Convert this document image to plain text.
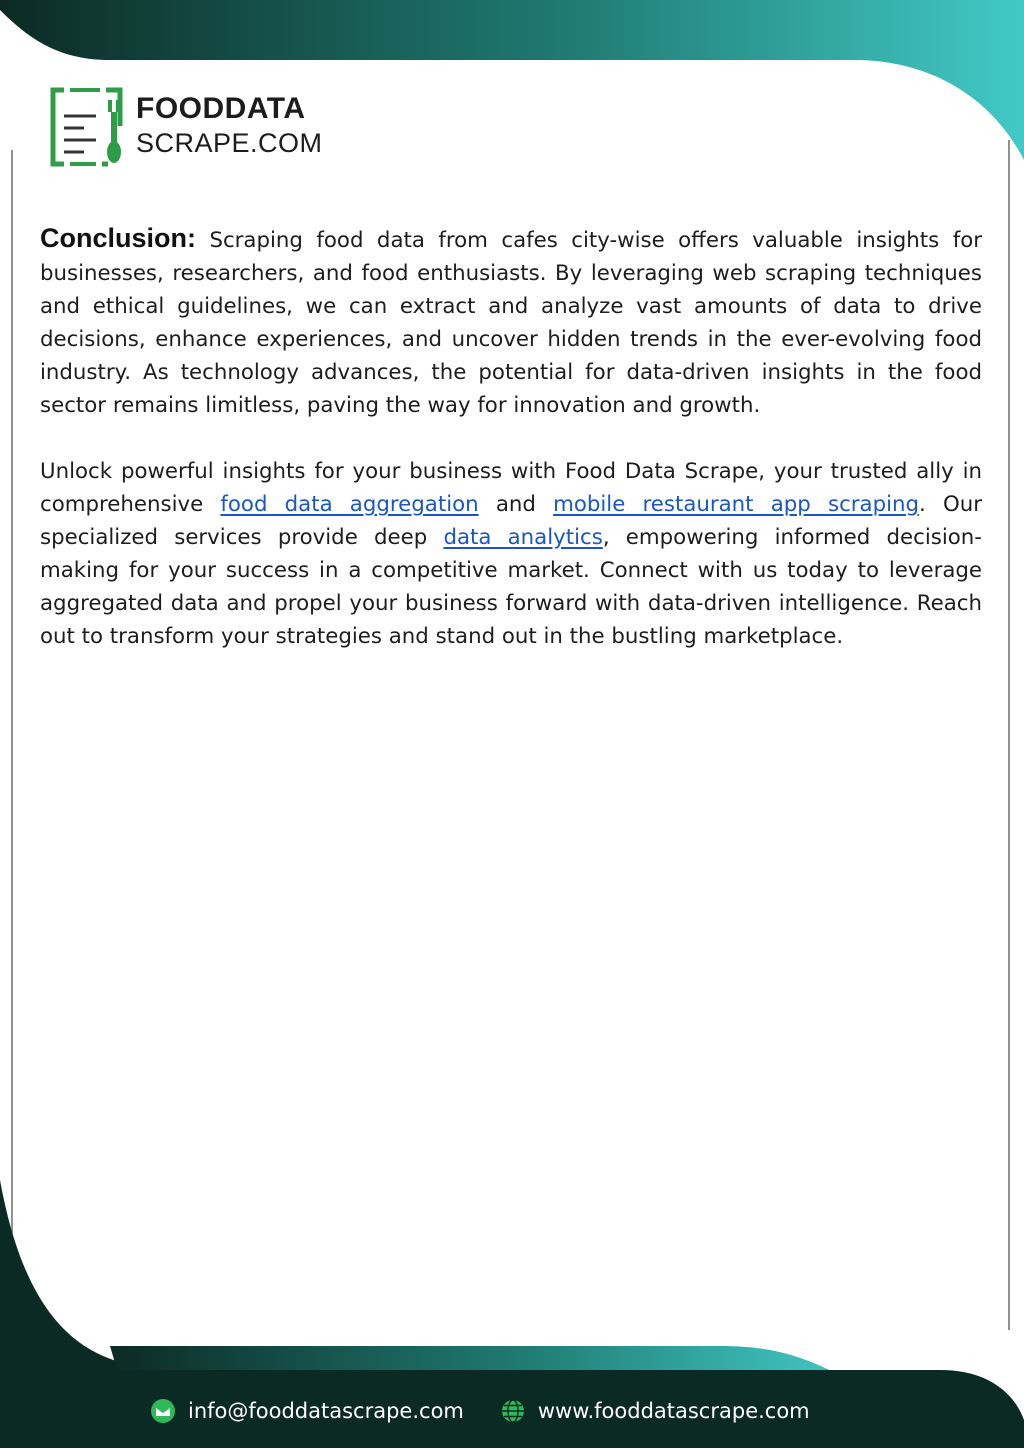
FOODDATA
SCRAPE.COM

Conclusion: Scraping food data from cafes city-wise offers valuable insights for businesses, researchers, and food enthusiasts. By leveraging web scraping techniques and ethical guidelines, we can extract and analyze vast amounts of data to drive decisions, enhance experiences, and uncover hidden trends in the ever-evolving food industry. As technology advances, the potential for data-driven insights in the food sector remains limitless, paving the way for innovation and growth.

Unlock powerful insights for your business with Food Data Scrape, your trusted ally in comprehensive food data aggregation and mobile restaurant app scraping. Our specialized services provide deep data analytics, empowering informed decision-making for your success in a competitive market. Connect with us today to leverage aggregated data and propel your business forward with data-driven intelligence. Reach out to transform your strategies and stand out in the bustling marketplace.

info@fooddatascrape.com	www.fooddatascrape.com
